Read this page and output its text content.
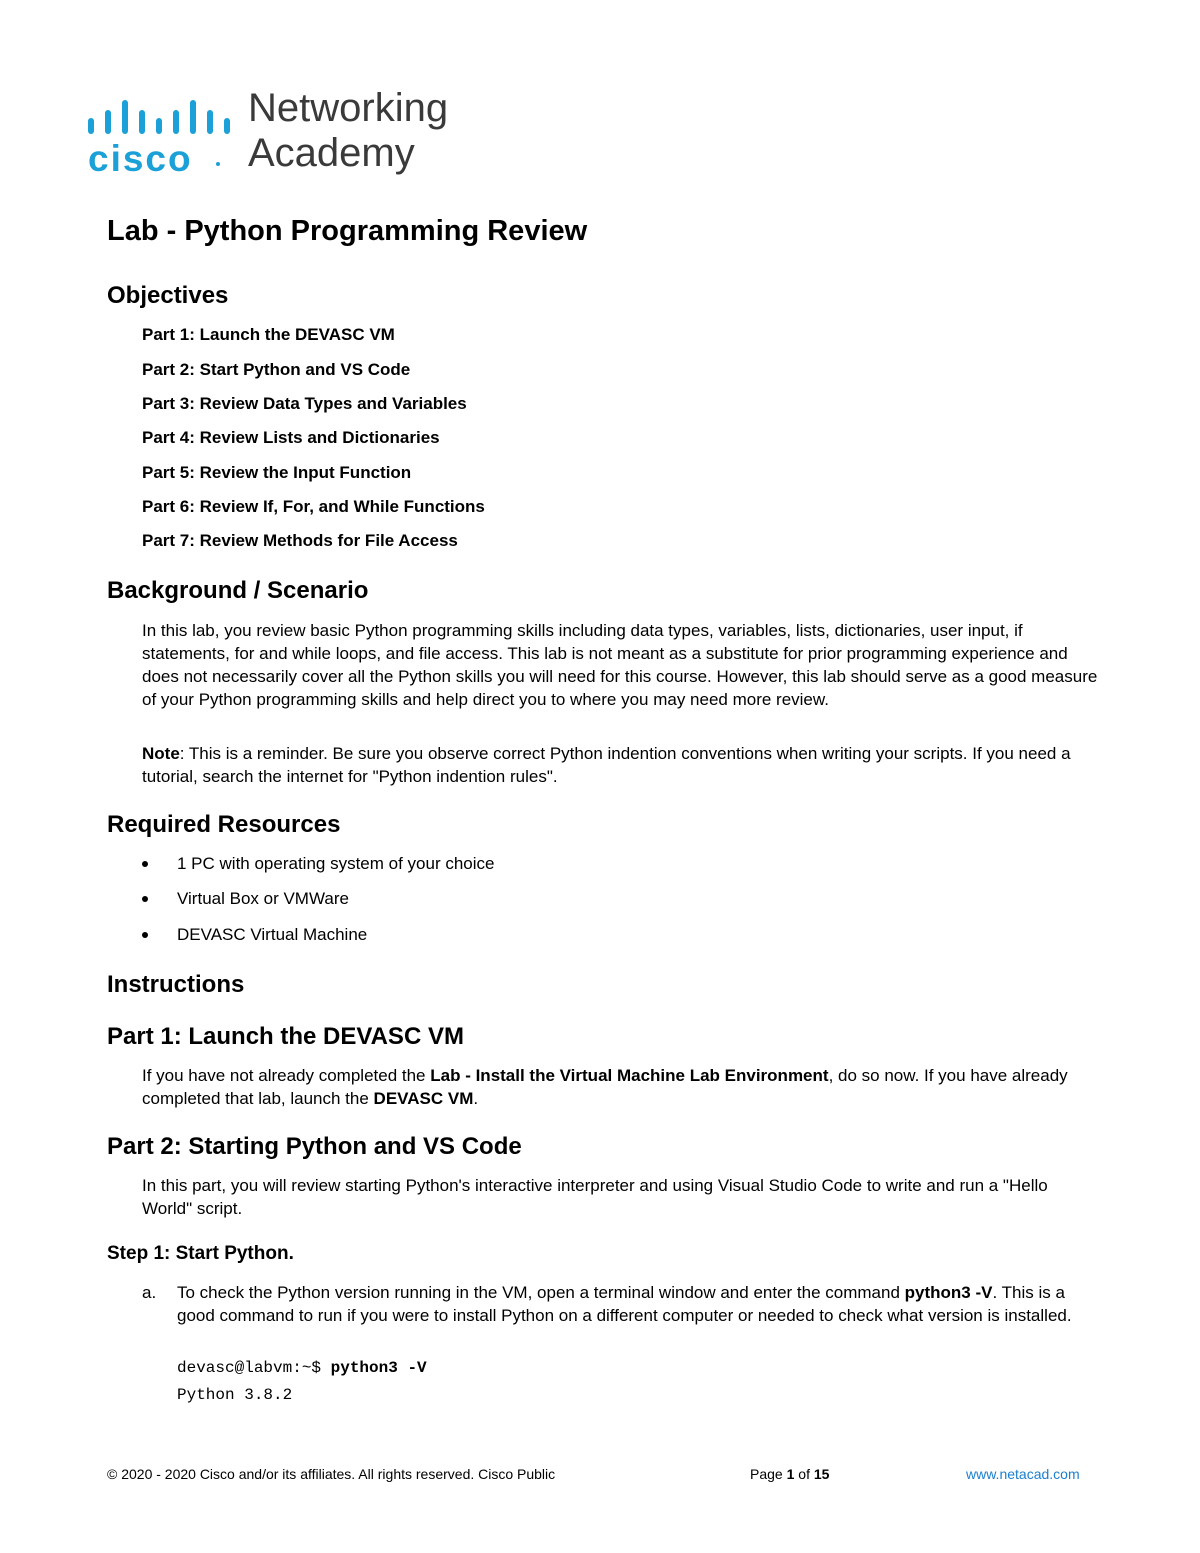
cisco
Networking
Academy
Lab - Python Programming Review
Objectives
Part 1: Launch the DEVASC VM
Part 2: Start Python and VS Code
Part 3: Review Data Types and Variables
Part 4: Review Lists and Dictionaries
Part 5: Review the Input Function
Part 6: Review If, For, and While Functions
Part 7: Review Methods for File Access
Background / Scenario
In this lab, you review basic Python programming skills including data types, variables, lists, dictionaries, user input, if statements, for and while loops, and file access. This lab is not meant as a substitute for prior programming experience and does not necessarily cover all the Python skills you will need for this course. However, this lab should serve as a good measure of your Python programming skills and help direct you to where you may need more review.
Note: This is a reminder. Be sure you observe correct Python indention conventions when writing your scripts. If you need a tutorial, search the internet for "Python indention rules".
Required Resources
1 PC with operating system of your choice
Virtual Box or VMWare
DEVASC Virtual Machine
Instructions
Part 1: Launch the DEVASC VM
If you have not already completed the Lab - Install the Virtual Machine Lab Environment, do so now. If you have already completed that lab, launch the DEVASC VM.
Part 2: Starting Python and VS Code
In this part, you will review starting Python's interactive interpreter and using Visual Studio Code to write and run a "Hello World" script.
Step 1: Start Python.
a. To check the Python version running in the VM, open a terminal window and enter the command python3 -V. This is a good command to run if you were to install Python on a different computer or needed to check what version is installed.
devasc@labvm:~$ python3 -V
Python 3.8.2
© 2020 - 2020 Cisco and/or its affiliates. All rights reserved. Cisco Public	Page 1 of 15	www.netacad.com
